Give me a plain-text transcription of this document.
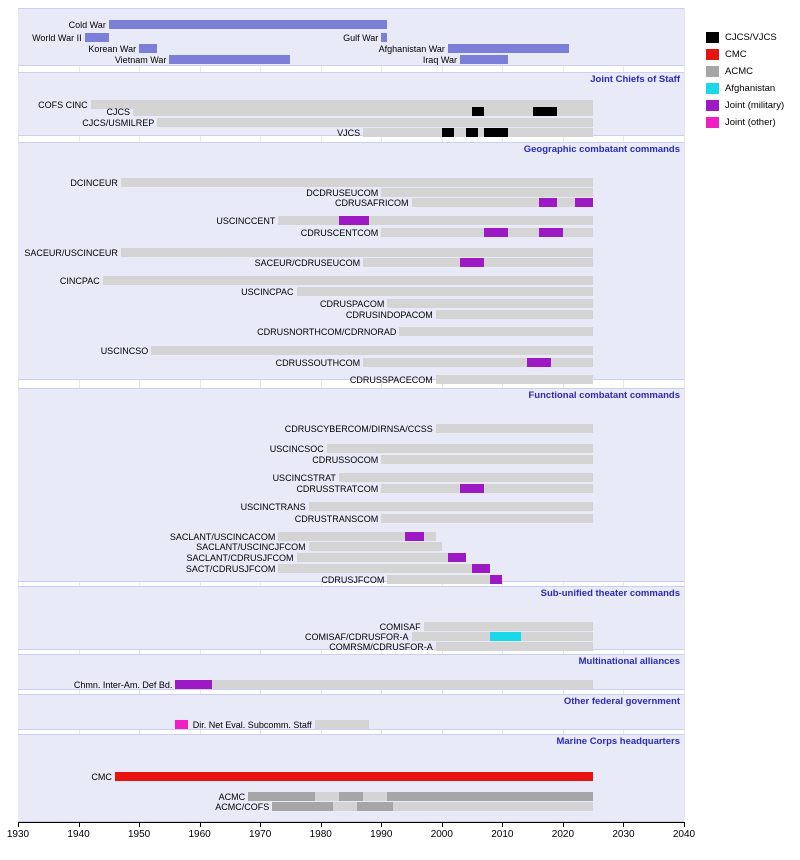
Joint Chiefs of Staff
Geographic combatant commands
Functional combatant commands
Sub-unified theater commands
Multinational alliances
Other federal government
Marine Corps headquarters
Cold War
World War II	Gulf War
Korean War	Afghanistan War
Vietnam War	Iraq War
COFS CINC
CJCS
CJCS/USMILREP
VJCS
DCINCEUR
DCDRUSEUCOM
CDRUSAFRICOM
USCINCCENT
CDRUSCENTCOM
SACEUR/USCINCEUR
SACEUR/CDRUSEUCOM
CINCPAC
USCINCPAC
CDRUSPACOM
CDRUSINDOPACOM
CDRUSNORTHCOM/CDRNORAD
USCINCSO
CDRUSSOUTHCOM
CDRUSSPACECOM
CDRUSCYBERCOM/DIRNSA/CCSS
USCINCSOC
CDRUSSOCOM
USCINCSTRAT
CDRUSSTRATCOM
USCINCTRANS
CDRUSTRANSCOM
SACLANT/USCINCACOM
SACLANT/USCINCJFCOM
SACLANT/CDRUSJFCOM
SACT/CDRUSJFCOM
CDRUSJFCOM
COMISAF
COMISAF/CDRUSFOR-A
COMRSM/CDRUSFOR-A
Chmn. Inter-Am. Def Bd.
Dir. Net Eval. Subcomm. Staff
CMC
ACMC
ACMC/COFS
1930	1940	1950	1960	1970	1980	1990	2000	2010	2020	2030	2040
CJCS/VJCS
CMC
ACMC
Afghanistan
Joint (military)
Joint (other)
